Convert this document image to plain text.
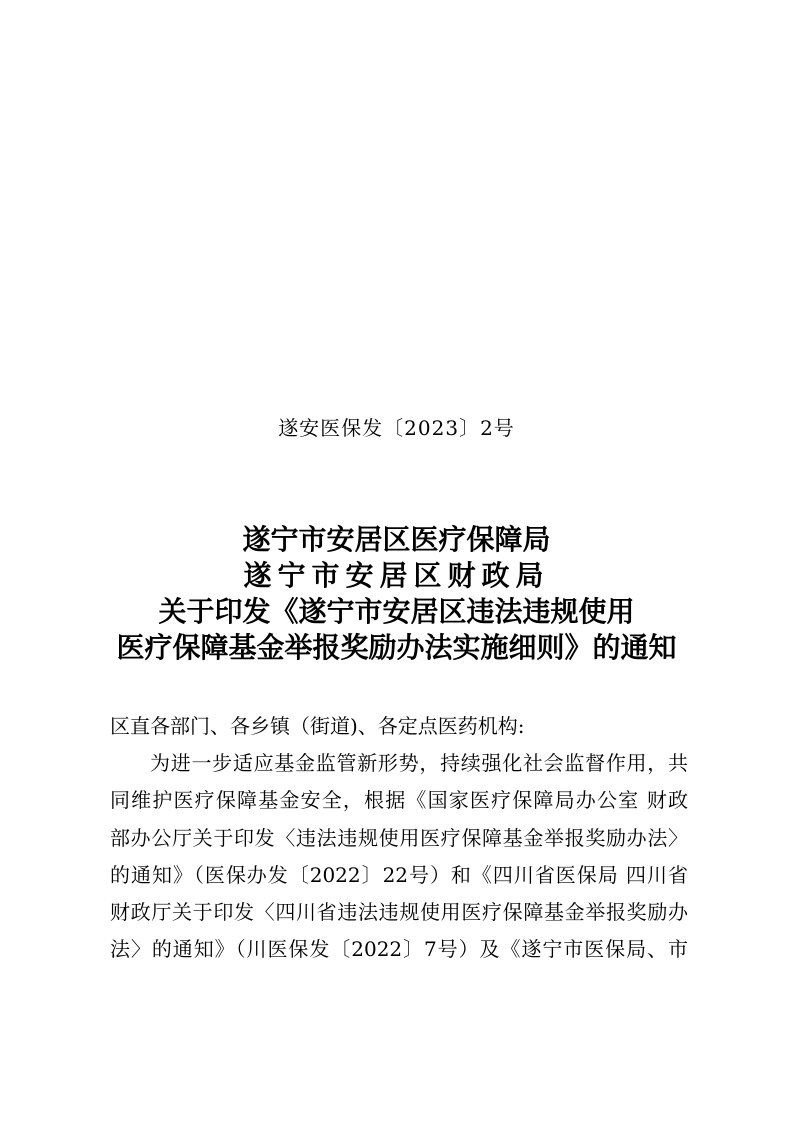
遂安医保发〔2023〕2号
遂宁市安居区医疗保障局
遂宁市安居区财政局
关于印发《遂宁市安居区违法违规使用
医疗保障基金举报奖励办法实施细则》的通知
区直各部门、各乡镇（街道)、各定点医药机构:
为进一步适应基金监管新形势，持续强化社会监督作用，共
同维护医疗保障基金安全，根据《国家医疗保障局办公室 财政
部办公厅关于印发〈违法违规使用医疗保障基金举报奖励办法〉
的通知》（医保办发〔2022〕22号）和《四川省医保局 四川省
财政厅关于印发〈四川省违法违规使用医疗保障基金举报奖励办
法〉的通知》（川医保发〔2022〕7号）及《遂宁市医保局、市
